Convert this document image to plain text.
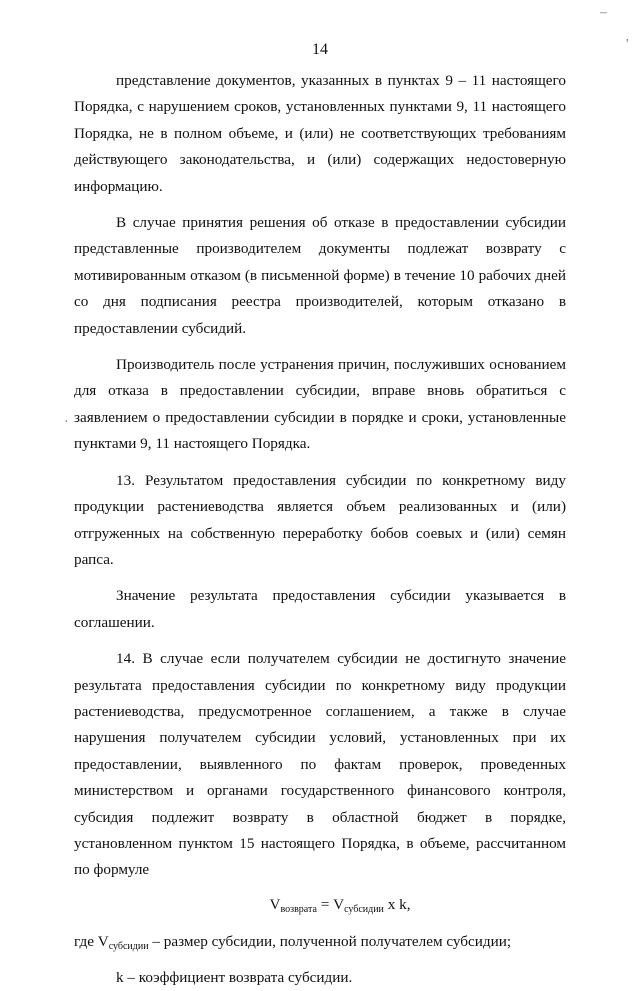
14
–
'
·

представление документов, указанных в пунктах 9 – 11 настоящего Порядка, с нарушением сроков, установленных пунктами 9, 11 настоящего Порядка, не в полном объеме, и (или) не соответствующих требованиям действующего законодательства, и (или) содержащих недостоверную информацию.

В случае принятия решения об отказе в предоставлении субсидии представленные производителем документы подлежат возврату с мотивированным отказом (в письменной форме) в течение 10 рабочих дней со дня подписания реестра производителей, которым отказано в предоставлении субсидий.

Производитель после устранения причин, послуживших основанием для отказа в предоставлении субсидии, вправе вновь обратиться с заявлением о предоставлении субсидии в порядке и сроки, установленные пунктами 9, 11 настоящего Порядка.

13. Результатом предоставления субсидии по конкретному виду продукции растениеводства является объем реализованных и (или) отгруженных на собственную переработку бобов соевых и (или) семян рапса.

Значение результата предоставления субсидии указывается в соглашении.

14. В случае если получателем субсидии не достигнуто значение результата предоставления субсидии по конкретному виду продукции растениеводства, предусмотренное соглашением, а также в случае нарушения получателем субсидии условий, установленных при их предоставлении, выявленного по фактам проверок, проведенных министерством и органами государственного финансового контроля, субсидия подлежит возврату в областной бюджет в порядке, установленном пунктом 15 настоящего Порядка, в объеме, рассчитанном по формуле

$V_{возврата} = V_{субсидии}$ x k,

где $V_{субсидии}$ – размер субсидии, полученной получателем субсидии;

k – коэффициент возврата субсидии.
